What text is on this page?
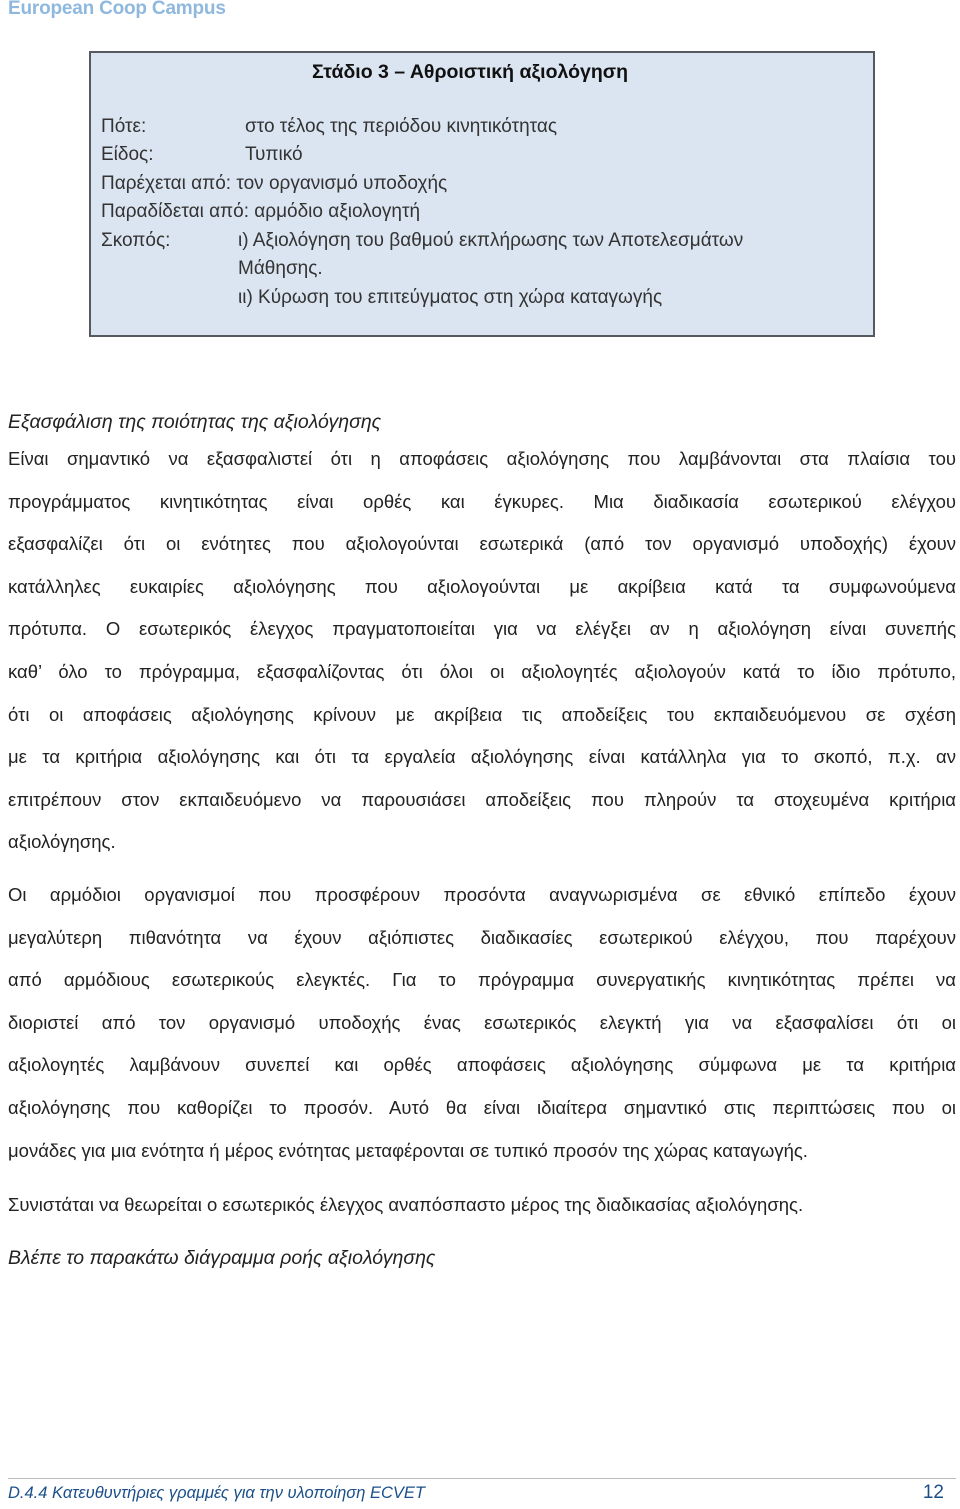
European Coop Campus
Στάδιο 3 – Αθροιστική αξιολόγηση
Πότε:	στο τέλος της περιόδου κινητικότητας
Είδος:	Τυπικό
Παρέχεται από: τον οργανισμό υποδοχής
Παραδίδεται από: αρμόδιο αξιολογητή
Σκοπός:	ι) Αξιολόγηση του βαθμού εκπλήρωσης των Αποτελεσμάτων
Μάθησης.
ιι) Κύρωση του επιτεύγματος στη χώρα καταγωγής
Εξασφάλιση της ποιότητας της αξιολόγησης
Είναι σημαντικό να εξασφαλιστεί ότι η αποφάσεις αξιολόγησης που λαμβάνονται στα πλαίσια του
προγράμματος κινητικότητας είναι ορθές και έγκυρες. Μια διαδικασία εσωτερικού ελέγχου
εξασφαλίζει ότι οι ενότητες που αξιολογούνται εσωτερικά (από τον οργανισμό υποδοχής) έχουν
κατάλληλες ευκαιρίες αξιολόγησης που αξιολογούνται με ακρίβεια κατά τα συμφωνούμενα
πρότυπα. Ο εσωτερικός έλεγχος πραγματοποιείται για να ελέγξει αν η αξιολόγηση είναι συνεπής
καθ’ όλο το πρόγραμμα, εξασφαλίζοντας ότι όλοι οι αξιολογητές αξιολογούν κατά το ίδιο πρότυπο,
ότι οι αποφάσεις αξιολόγησης κρίνουν με ακρίβεια τις αποδείξεις του εκπαιδευόμενου σε σχέση
με τα κριτήρια αξιολόγησης και ότι τα εργαλεία αξιολόγησης είναι κατάλληλα για το σκοπό, π.χ. αν
επιτρέπουν στον εκπαιδευόμενο να παρουσιάσει αποδείξεις που πληρούν τα στοχευμένα κριτήρια
αξιολόγησης.
Οι αρμόδιοι οργανισμοί που προσφέρουν προσόντα αναγνωρισμένα σε εθνικό επίπεδο έχουν
μεγαλύτερη πιθανότητα να έχουν αξιόπιστες διαδικασίες εσωτερικού ελέγχου, που παρέχουν
από αρμόδιους εσωτερικούς ελεγκτές. Για το πρόγραμμα συνεργατικής κινητικότητας πρέπει να
διοριστεί από τον οργανισμό υποδοχής ένας εσωτερικός ελεγκτή για να εξασφαλίσει ότι οι
αξιολογητές λαμβάνουν συνεπεί και ορθές αποφάσεις αξιολόγησης σύμφωνα με τα κριτήρια
αξιολόγησης που καθορίζει το προσόν. Αυτό θα είναι ιδιαίτερα σημαντικό στις περιπτώσεις που οι
μονάδες για μια ενότητα ή μέρος ενότητας μεταφέρονται σε τυπικό προσόν της χώρας καταγωγής.
Συνιστάται να θεωρείται ο εσωτερικός έλεγχος αναπόσπαστο μέρος της διαδικασίας αξιολόγησης.
Βλέπε το παρακάτω διάγραμμα ροής αξιολόγησης
D.4.4 Κατευθυντήριες γραμμές για την υλοποίηση ECVET	12
